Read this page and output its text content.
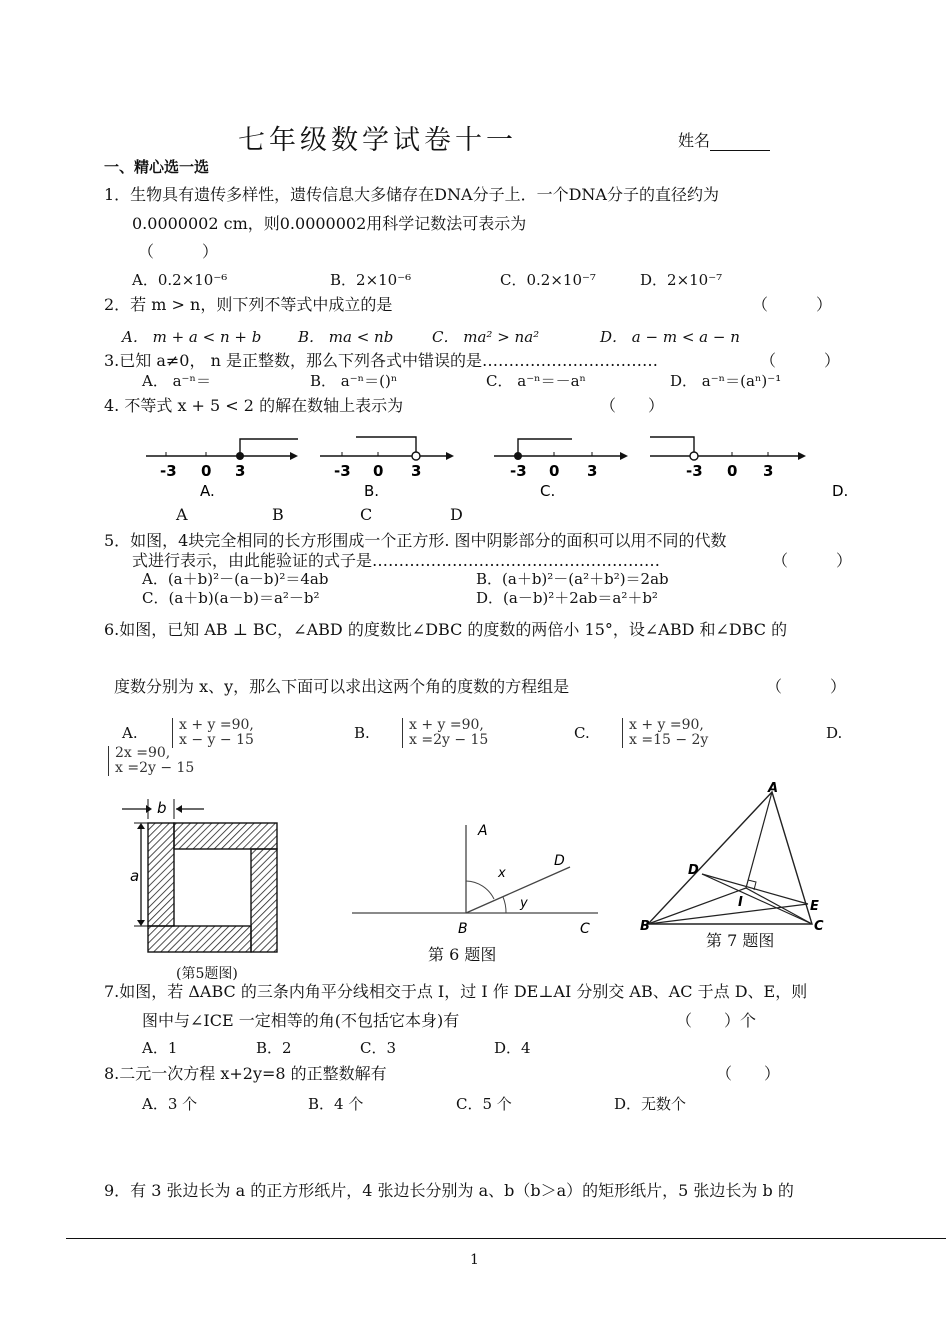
七年级数学试卷十一	姓名
一、精心选一选
1．生物具有遗传多样性，遗传信息大多储存在DNA分子上．一个DNA分子的直径约为
0.0000002 cm，则0.0000002用科学记数法可表示为
（　　　）
A．0.2×10⁻⁶	B．2×10⁻⁶	C．0.2×10⁻⁷	D．2×10⁻⁷
2．若 m > n，则下列不等式中成立的是	（　　　）
A． m + a < n + b B． ma < nb	C． ma² > na²	D． a − m < a − n
3.已知 a≠0， n 是正整数，那么下列各式中错误的是……………………………	（　　　）
A． a⁻ⁿ＝	B． a⁻ⁿ＝()ⁿ	C． a⁻ⁿ＝－aⁿ	D． a⁻ⁿ＝(aⁿ)⁻¹
4. 不等式 x + 5 < 2 的解在数轴上表示为	（　　）
-3 0 3
A.
-3 0 3
B.
-3 0 3
C.
-3 0 3
D.
A	B	C	D
5．如图，4块完全相同的长方形围成一个正方形. 图中阴影部分的面积可以用不同的代数
式进行表示，由此能验证的式子是………………………………………………	（　　　）
A．(a＋b)²－(a－b)²＝4ab	B．(a＋b)²－(a²＋b²)＝2ab
C．(a＋b)(a－b)＝a²－b²	D．(a－b)²＋2ab＝a²＋b²
6.如图，已知 AB ⊥ BC，∠ABD 的度数比∠DBC 的度数的两倍小 15°，设∠ABD 和∠DBC 的
度数分别为 x、y，那么下面可以求出这两个角的度数的方程组是	（　　　）
A.	x + y =90,
x − y − 15	B.	x + y =90,
x =2y − 15	C.	x + y =90,
x =15 − 2y	D.
2x =90,
x =2y − 15
b
a
(第5题图)
A
B	C
D
x
y
第 6 题图
A
B	C
D
E
I
第 7 题图
7.如图，若 ΔABC 的三条内角平分线相交于点 I，过 I 作 DE⊥AI 分别交 AB、AC 于点 D、E，则
图中与∠ICE 一定相等的角(不包括它本身)有	（　　）个
A．1	B．2	C．3	D．4
8.二元一次方程 x+2y=8 的正整数解有	（　　）
A．3 个	B．4 个	C．5 个	D．无数个
9．有 3 张边长为 a 的正方形纸片，4 张边长分别为 a、b（b＞a）的矩形纸片，5 张边长为 b 的
1
